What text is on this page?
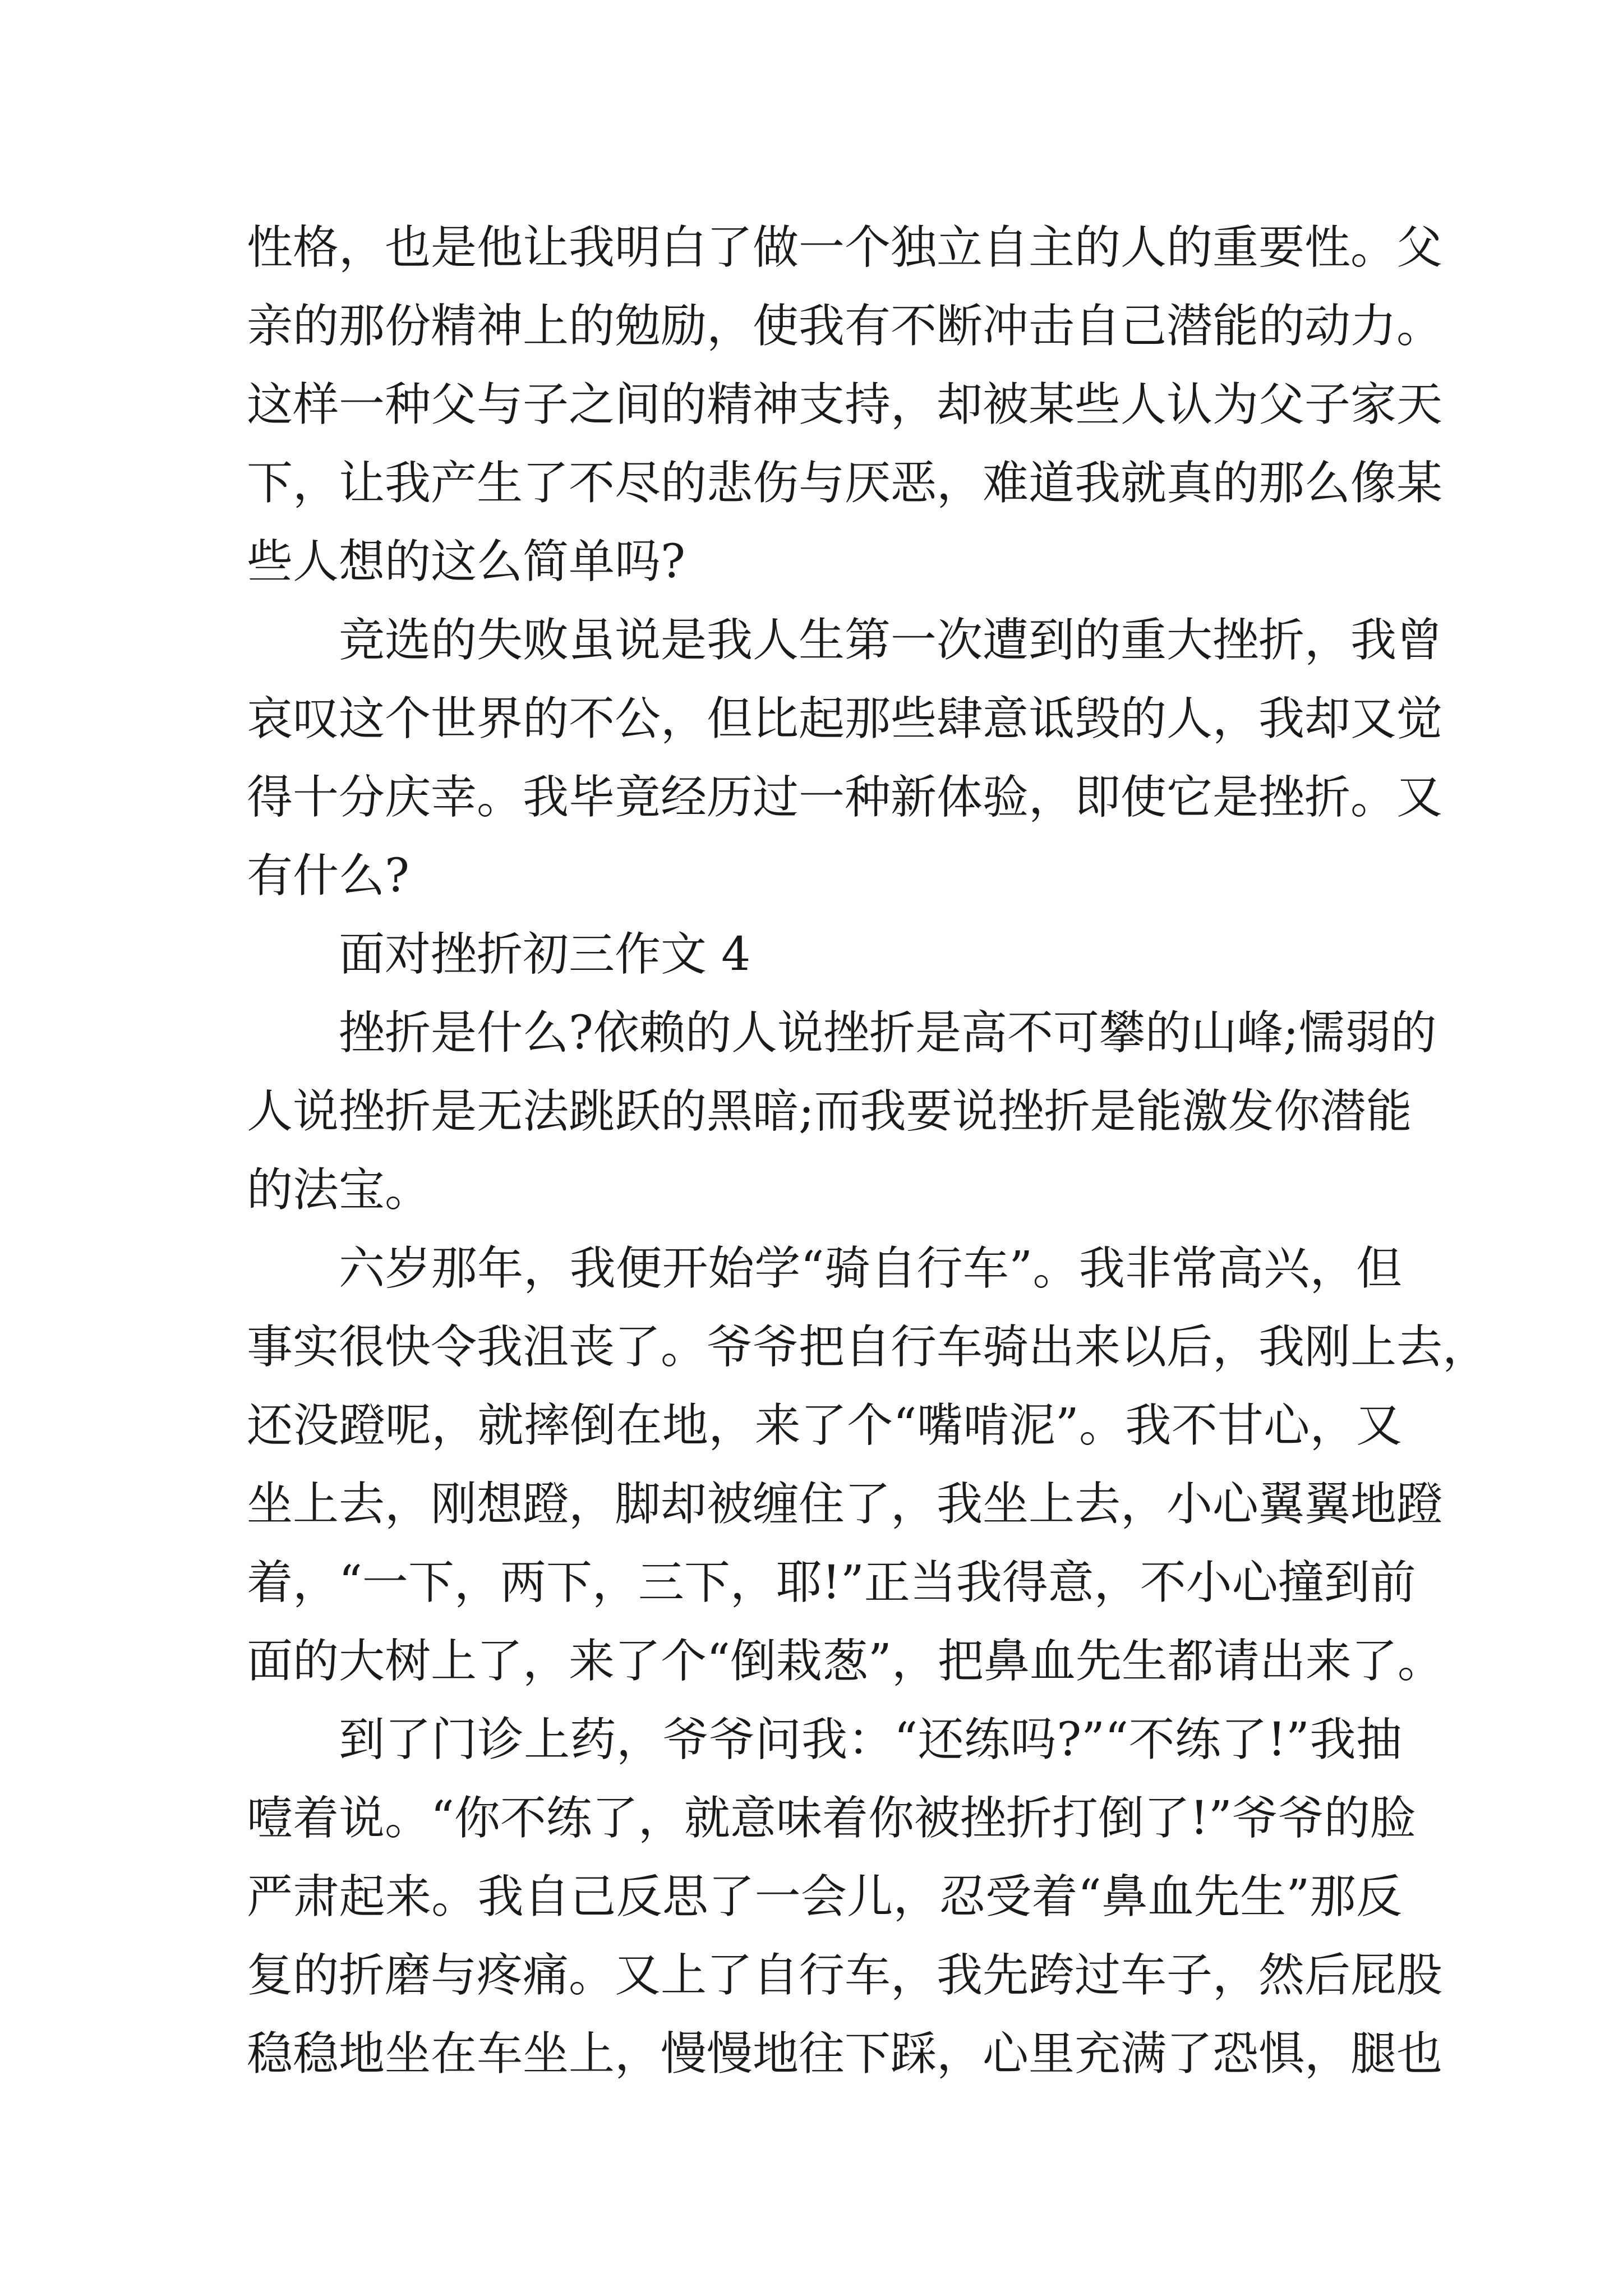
性格，也是他让我明白了做一个独立自主的人的重要性。父
亲的那份精神上的勉励，使我有不断冲击自己潜能的动力。
这样一种父与子之间的精神支持，却被某些人认为父子家天
下，让我产生了不尽的悲伤与厌恶，难道我就真的那么像某
些人想的这么简单吗?
竞选的失败虽说是我人生第一次遭到的重大挫折，我曾
哀叹这个世界的不公，但比起那些肆意诋毁的人，我却又觉
得十分庆幸。我毕竟经历过一种新体验，即使它是挫折。又
有什么?
面对挫折初三作文 4
挫折是什么?依赖的人说挫折是高不可攀的山峰;懦弱的
人说挫折是无法跳跃的黑暗;而我要说挫折是能激发你潜能
的法宝。
六岁那年，我便开始学“骑自行车”。我非常高兴，但
事实很快令我沮丧了。爷爷把自行车骑出来以后，我刚上去，
还没蹬呢，就摔倒在地，来了个“嘴啃泥”。我不甘心，又
坐上去，刚想蹬，脚却被缠住了，我坐上去，小心翼翼地蹬
着，“一下，两下，三下，耶!”正当我得意，不小心撞到前
面的大树上了，来了个“倒栽葱”，把鼻血先生都请出来了。
到了门诊上药，爷爷问我：“还练吗?”“不练了!”我抽
噎着说。“你不练了，就意味着你被挫折打倒了!”爷爷的脸
严肃起来。我自己反思了一会儿，忍受着“鼻血先生”那反
复的折磨与疼痛。又上了自行车，我先跨过车子，然后屁股
稳稳地坐在车坐上，慢慢地往下踩，心里充满了恐惧，腿也
